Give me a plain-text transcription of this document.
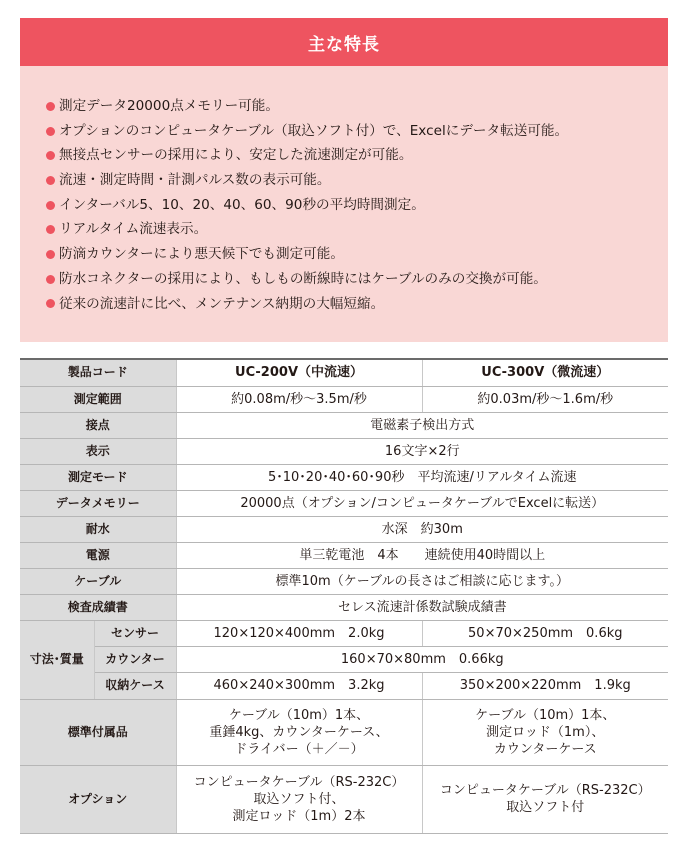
主な特長
測定データ20000点メモリー可能。
オプションのコンピュータケーブル（取込ソフト付）で、Excelにデータ転送可能。
無接点センサーの採用により、安定した流速測定が可能。
流速・測定時間・計測パルス数の表示可能。
インターバル5、10、20、40、60、90秒の平均時間測定。
リアルタイム流速表示。
防滴カウンターにより悪天候下でも測定可能。
防水コネクターの採用により、もしもの断線時にはケーブルのみの交換が可能。
従来の流速計に比べ、メンテナンス納期の大幅短縮。
製品コード		UC-200V（中流速）	UC-300V（微流速）
測定範囲		約0.08m/秒～3.5m/秒	約0.03m/秒～1.6m/秒
接点		電磁素子検出方式	
表示		16文字×2行	
測定モード		5･10･20･40･60･90秒　平均流速/リアルタイム流速	
データメモリー		20000点（オプション/コンピュータケーブルでExcelに転送）	
耐水		水深　約30m	
電源		単三乾電池　4本　　連続使用40時間以上	
ケーブル		標準10m（ケーブルの長さはご相談に応じます。）	
検査成績書		セレス流速計係数試験成績書	
寸法･質量	センサー	120×120×400mm　2.0kg	50×70×250mm　0.6kg
	カウンター	160×70×80mm　0.66kg	
	収納ケース	460×240×300mm　3.2kg	350×200×220mm　1.9kg
標準付属品		ケーブル（10m）1本、
重錘4kg、カウンターケース、
ドライバー（＋／－）	ケーブル（10m）1本、
測定ロッド（1m）、
カウンターケース
オプション		コンピュータケーブル（RS-232C）
取込ソフト付、
測定ロッド（1m）2本	コンピュータケーブル（RS-232C）
取込ソフト付
